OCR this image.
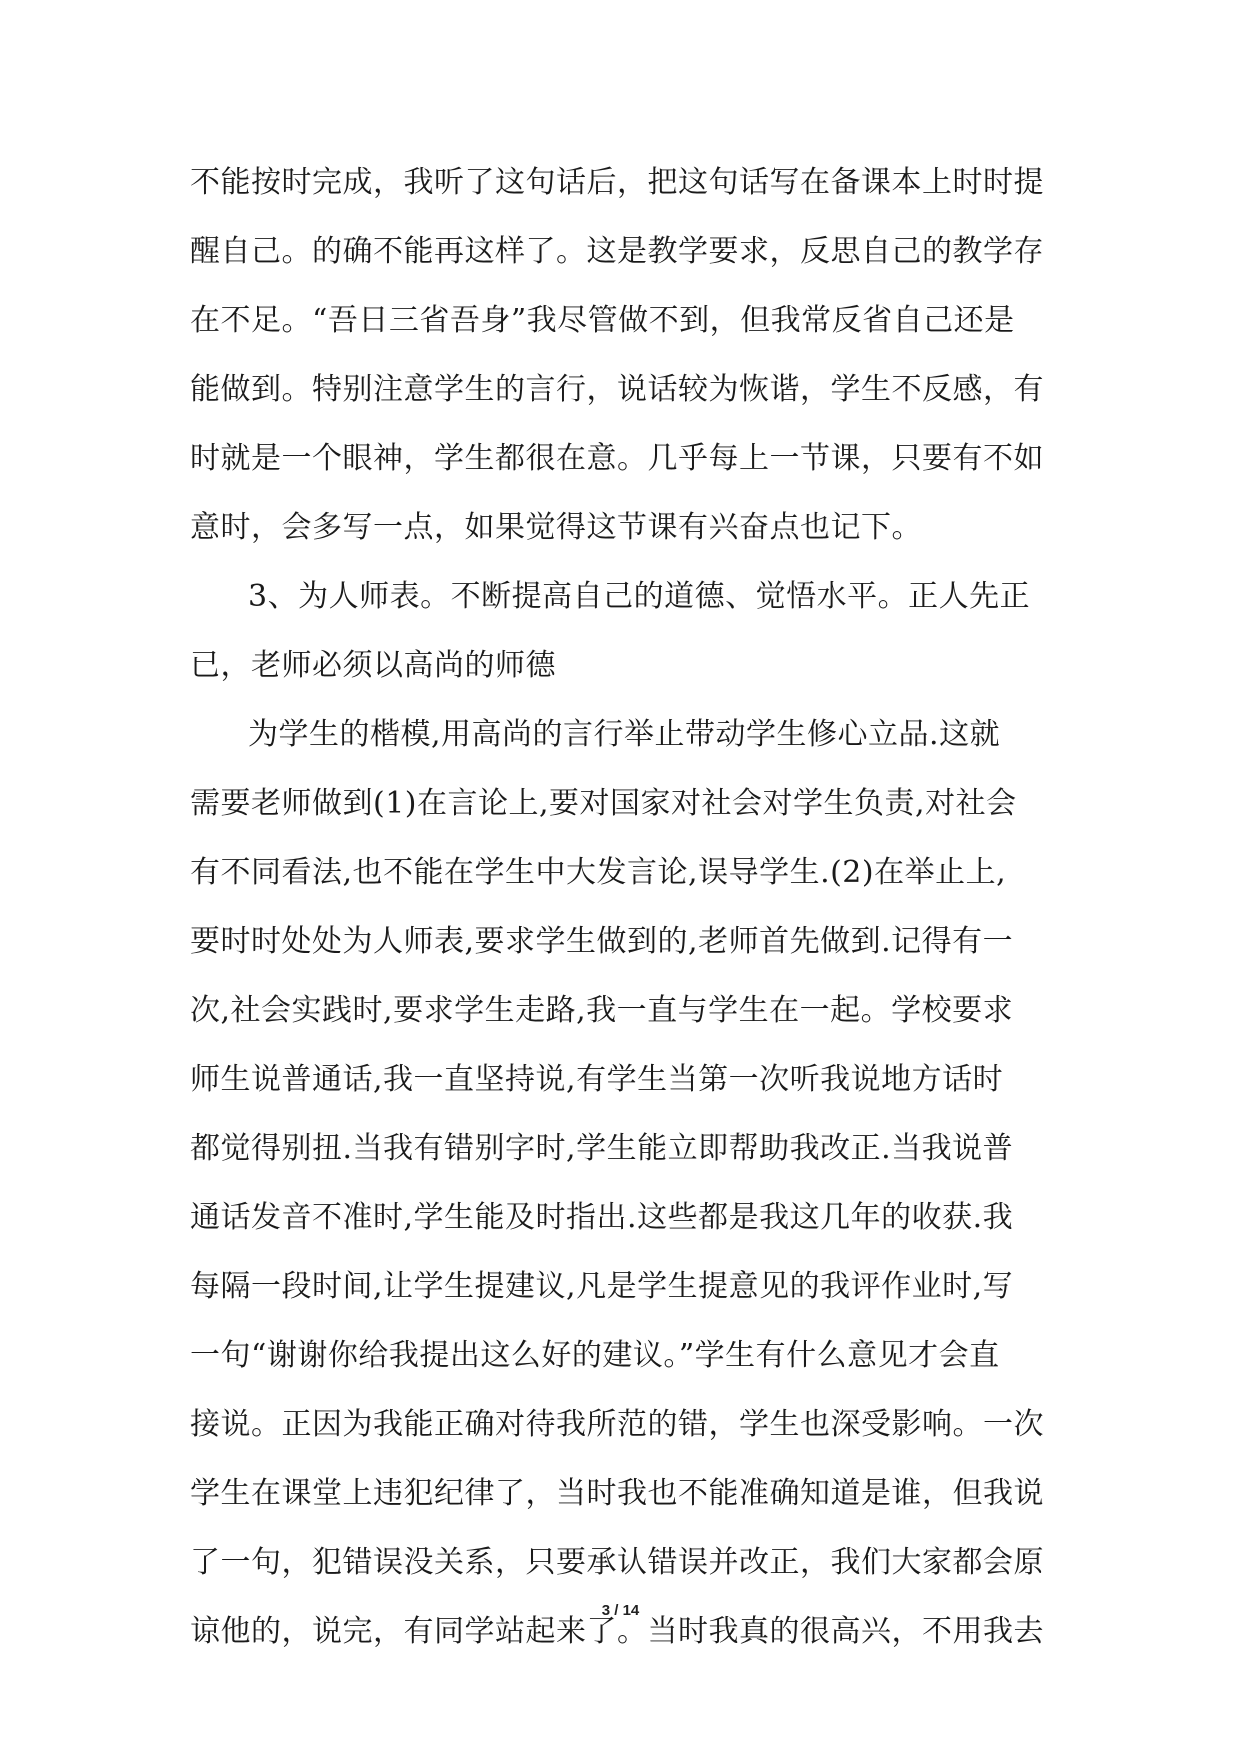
不能按时完成，我听了这句话后，把这句话写在备课本上时时提
醒自己。的确不能再这样了。这是教学要求，反思自己的教学存
在不足。“吾日三省吾身”我尽管做不到，但我常反省自己还是
能做到。特别注意学生的言行，说话较为恢谐，学生不反感，有
时就是一个眼神，学生都很在意。几乎每上一节课，只要有不如
意时，会多写一点，如果觉得这节课有兴奋点也记下。
3、为人师表。不断提高自己的道德、觉悟水平。正人先正
已，老师必须以高尚的师德
为学生的楷模,用高尚的言行举止带动学生修心立品.这就
需要老师做到(1)在言论上,要对国家对社会对学生负责,对社会
有不同看法,也不能在学生中大发言论,误导学生.(2)在举止上,
要时时处处为人师表,要求学生做到的,老师首先做到.记得有一
次,社会实践时,要求学生走路,我一直与学生在一起。学校要求
师生说普通话,我一直坚持说,有学生当第一次听我说地方话时
都觉得别扭.当我有错别字时,学生能立即帮助我改正.当我说普
通话发音不准时,学生能及时指出.这些都是我这几年的收获.我
每隔一段时间,让学生提建议,凡是学生提意见的我评作业时,写
一句“谢谢你给我提出这么好的建议。”学生有什么意见才会直
接说。正因为我能正确对待我所范的错，学生也深受影响。一次
学生在课堂上违犯纪律了，当时我也不能准确知道是谁，但我说
了一句，犯错误没关系，只要承认错误并改正，我们大家都会原
谅他的，说完，有同学站起来了。当时我真的很高兴，不用我去
3 / 14
